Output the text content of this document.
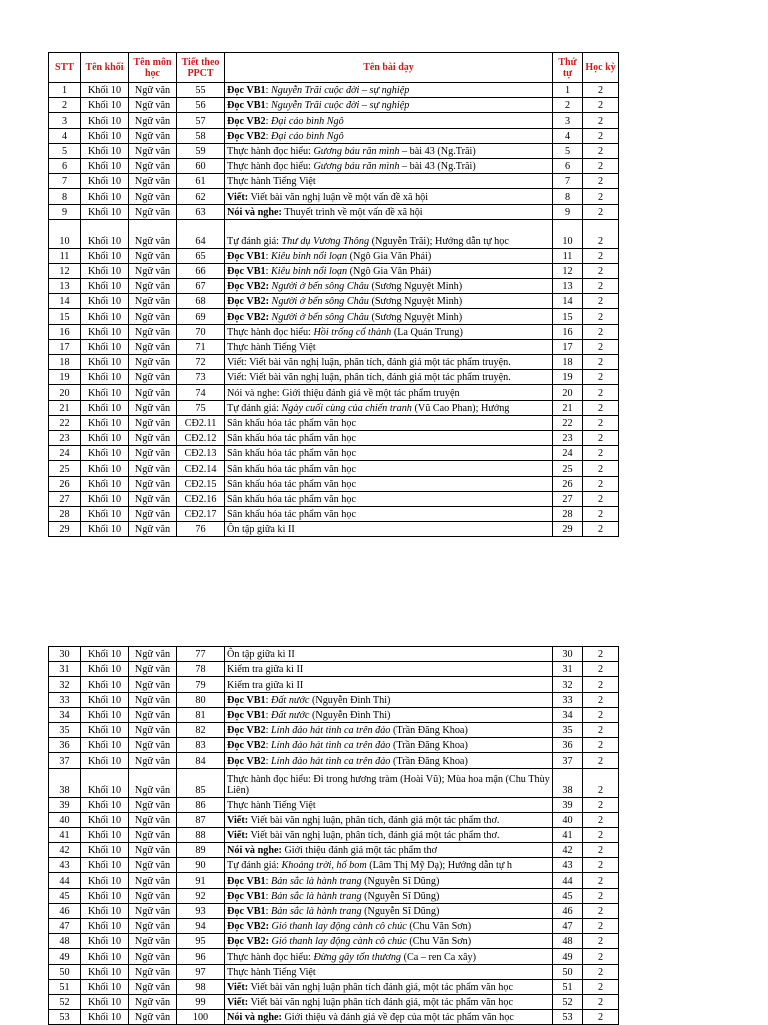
STT	Tên khối	Tên môn học	Tiết theo PPCT	Tên bài dạy	Thứ tự	Học kỳ
1	Khối 10	Ngữ văn	55	Đọc VB1: Nguyễn Trãi cuộc đời – sự nghiệp	1	2
2	Khối 10	Ngữ văn	56	Đọc VB1: Nguyễn Trãi cuộc đời – sự nghiệp	2	2
3	Khối 10	Ngữ văn	57	Đọc VB2: Đại cáo bình Ngô	3	2
4	Khối 10	Ngữ văn	58	Đọc VB2: Đại cáo bình Ngô	4	2
5	Khối 10	Ngữ văn	59	Thực hành đọc hiểu: Gương báu răn mình – bài 43 (Ng.Trãi)	5	2
6	Khối 10	Ngữ văn	60	Thực hành đọc hiểu: Gương báu răn mình – bài 43 (Ng.Trãi)	6	2
7	Khối 10	Ngữ văn	61	Thực hành Tiếng Việt	7	2
8	Khối 10	Ngữ văn	62	Viết: Viết bài văn nghị luận về một vấn đề xã hội	8	2
9	Khối 10	Ngữ văn	63	Nói và nghe: Thuyết trình về một vấn đề xã hội	9	2
10	Khối 10	Ngữ văn	64	Tự đánh giá: Thư dụ Vương Thông (Nguyễn Trãi); Hướng dẫn tự học	10	2
11	Khối 10	Ngữ văn	65	Đọc VB1: Kiêu binh nổi loạn (Ngô Gia Văn Phái)	11	2
12	Khối 10	Ngữ văn	66	Đọc VB1: Kiêu binh nổi loạn (Ngô Gia Văn Phái)	12	2
13	Khối 10	Ngữ văn	67	Đọc VB2: Người ở bến sông Châu (Sương Nguyệt Minh)	13	2
14	Khối 10	Ngữ văn	68	Đọc VB2: Người ở bến sông Châu (Sương Nguyệt Minh)	14	2
15	Khối 10	Ngữ văn	69	Đọc VB2: Người ở bến sông Châu (Sương Nguyệt Minh)	15	2
16	Khối 10	Ngữ văn	70	Thực hành đọc hiểu: Hồi trống cổ thành (La Quán Trung)	16	2
17	Khối 10	Ngữ văn	71	Thực hành Tiếng Việt	17	2
18	Khối 10	Ngữ văn	72	Viết: Viết bài văn nghị luận, phân tích, đánh giá một tác phẩm truyện.	18	2
19	Khối 10	Ngữ văn	73	Viết: Viết bài văn nghị luận, phân tích, đánh giá một tác phẩm truyện.	19	2
20	Khối 10	Ngữ văn	74	Nói và nghe: Giới thiệu đánh giá về một tác phẩm truyện	20	2
21	Khối 10	Ngữ văn	75	Tự đánh giá: Ngày cuối cùng của chiến tranh (Vũ Cao Phan); Hướng	21	2
22	Khối 10	Ngữ văn	CĐ2.11	Sân khấu hóa tác phẩm văn học	22	2
23	Khối 10	Ngữ văn	CĐ2.12	Sân khấu hóa tác phẩm văn học	23	2
24	Khối 10	Ngữ văn	CĐ2.13	Sân khấu hóa tác phẩm văn học	24	2
25	Khối 10	Ngữ văn	CĐ2.14	Sân khấu hóa tác phẩm văn học	25	2
26	Khối 10	Ngữ văn	CĐ2.15	Sân khấu hóa tác phẩm văn học	26	2
27	Khối 10	Ngữ văn	CĐ2.16	Sân khấu hóa tác phẩm văn học	27	2
28	Khối 10	Ngữ văn	CĐ2.17	Sân khấu hóa tác phẩm văn học	28	2
29	Khối 10	Ngữ văn	76	Ôn tập giữa kì II	29	2
30	Khối 10	Ngữ văn	77	Ôn tập giữa kì II	30	2
31	Khối 10	Ngữ văn	78	Kiểm tra giữa kì II	31	2
32	Khối 10	Ngữ văn	79	Kiểm tra giữa kì II	32	2
33	Khối 10	Ngữ văn	80	Đọc VB1: Đất nước (Nguyễn Đình Thi)	33	2
34	Khối 10	Ngữ văn	81	Đọc VB1: Đất nước (Nguyễn Đình Thi)	34	2
35	Khối 10	Ngữ văn	82	Đọc VB2: Lính đảo hát tình ca trên đảo (Trần Đăng Khoa)	35	2
36	Khối 10	Ngữ văn	83	Đọc VB2: Lính đảo hát tình ca trên đảo (Trần Đăng Khoa)	36	2
37	Khối 10	Ngữ văn	84	Đọc VB2: Lính đảo hát tình ca trên đảo (Trần Đăng Khoa)	37	2
38	Khối 10	Ngữ văn	85	Thực hành đọc hiểu: Đi trong hương tràm (Hoài Vũ); Mùa hoa mận (Chu Thùy Liên)	38	2
39	Khối 10	Ngữ văn	86	Thực hành Tiếng Việt	39	2
40	Khối 10	Ngữ văn	87	Viết: Viết bài văn nghị luận, phân tích, đánh giá một tác phẩm thơ.	40	2
41	Khối 10	Ngữ văn	88	Viết: Viết bài văn nghị luận, phân tích, đánh giá một tác phẩm thơ.	41	2
42	Khối 10	Ngữ văn	89	Nói và nghe: Giới thiệu đánh giá một tác phẩm thơ	42	2
43	Khối 10	Ngữ văn	90	Tự đánh giá: Khoảng trời, hố bom (Lâm Thị Mỹ Dạ); Hướng dẫn tự h	43	2
44	Khối 10	Ngữ văn	91	Đọc VB1: Bản sắc là hành trang (Nguyễn Sĩ Dũng)	44	2
45	Khối 10	Ngữ văn	92	Đọc VB1: Bản sắc là hành trang (Nguyễn Sĩ Dũng)	45	2
46	Khối 10	Ngữ văn	93	Đọc VB1: Bản sắc là hành trang (Nguyễn Sĩ Dũng)	46	2
47	Khối 10	Ngữ văn	94	Đọc VB2: Gió thanh lay động cành cô chúc (Chu Văn Sơn)	47	2
48	Khối 10	Ngữ văn	95	Đọc VB2: Gió thanh lay động cành cô chúc (Chu Văn Sơn)	48	2
49	Khối 10	Ngữ văn	96	Thực hành đọc hiểu: Đừng gây tổn thương (Ca – ren Ca xây)	49	2
50	Khối 10	Ngữ văn	97	Thực hành Tiếng Việt	50	2
51	Khối 10	Ngữ văn	98	Viết: Viết bài văn nghị luận phân tích đánh giá, một tác phẩm văn học	51	2
52	Khối 10	Ngữ văn	99	Viết: Viết bài văn nghị luận phân tích đánh giá, một tác phẩm văn học	52	2
53	Khối 10	Ngữ văn	100	Nói và nghe: Giới thiệu và đánh giá về đẹp của một tác phẩm văn học	53	2
